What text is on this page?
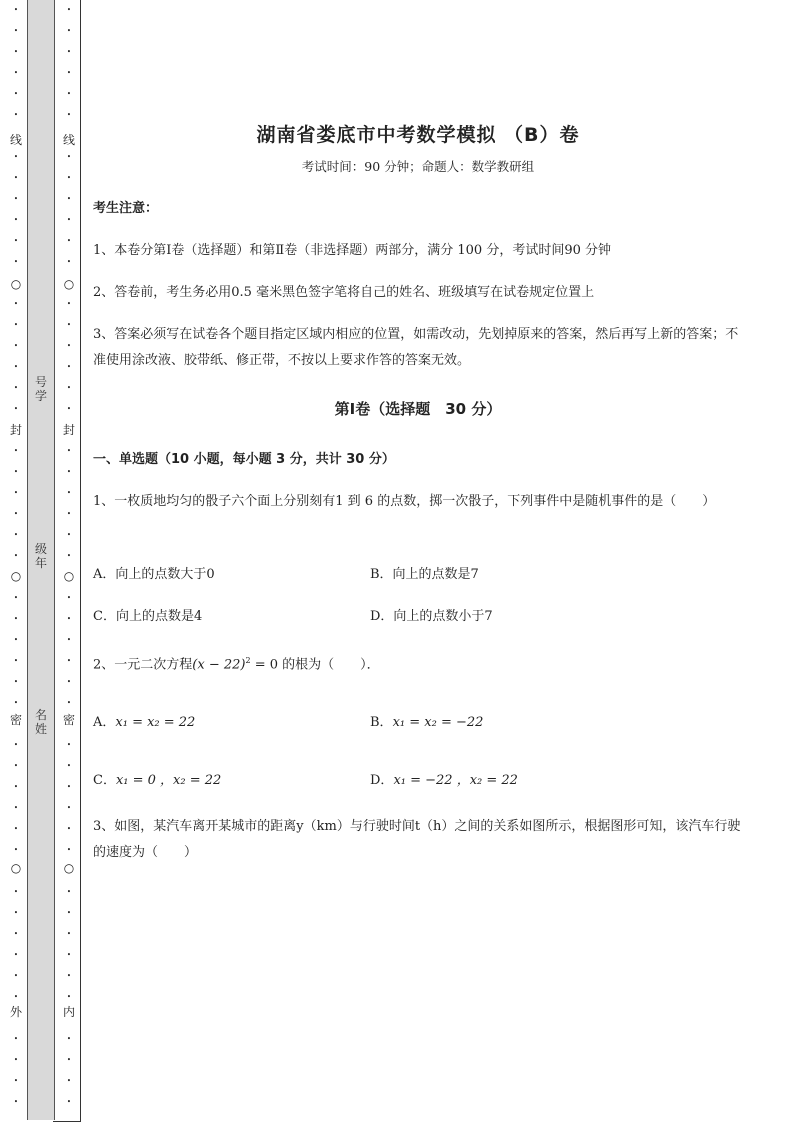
•
•
•
•
•
•
•
•
•
•
•
•
•
•
•
•
•
•
•
•
•
•
•
•
•
•
•
•
•
•
•
•
•
•
•
•
•
•
•
•
•
•
•
•
•
•
线
封
密
外
○
○
○
•
•
•
•
•
•
•
•
•
•
•
•
•
•
•
•
•
•
•
•
•
•
•
•
•
•
•
•
•
•
•
•
•
•
•
•
•
•
•
•
•
•
•
•
•
•
线
封
密
内
○
○
○
号
学
级
年
名
姓
湖南省娄底市中考数学模拟 （B）卷
考试时间：90 分钟；命题人：数学教研组
考生注意：
1、本卷分第Ⅰ卷（选择题）和第Ⅱ卷（非选择题）两部分，满分 100 分，考试时间90 分钟
2、答卷前，考生务必用0.5 毫米黑色签字笔将自己的姓名、班级填写在试卷规定位置上
3、答案必须写在试卷各个题目指定区域内相应的位置，如需改动，先划掉原来的答案，然后再写上新的答案；不准使用涂改液、胶带纸、修正带，不按以上要求作答的答案无效。
第Ⅰ卷（选择题　30 分）
一、单选题（10 小题，每小题 3 分，共计 30 分）
1、一枚质地均匀的骰子六个面上分别刻有1 到 6 的点数，掷一次骰子，下列事件中是随机事件的是（　　）
A．向上的点数大于0	B．向上的点数是7
C．向上的点数是4	D．向上的点数小于7
2、一元二次方程$(x - 22)^2 = 0$ 的根为（　　）．
A．x₁ = x₂ = 22	B．x₁ = x₂ = −22
C．x₁ = 0 ，x₂ = 22	D．x₁ = −22 ，x₂ = 22
3、如图，某汽车离开某城市的距离y（km）与行驶时间t（h）之间的关系如图所示，根据图形可知，该汽车行驶的速度为（　　）
